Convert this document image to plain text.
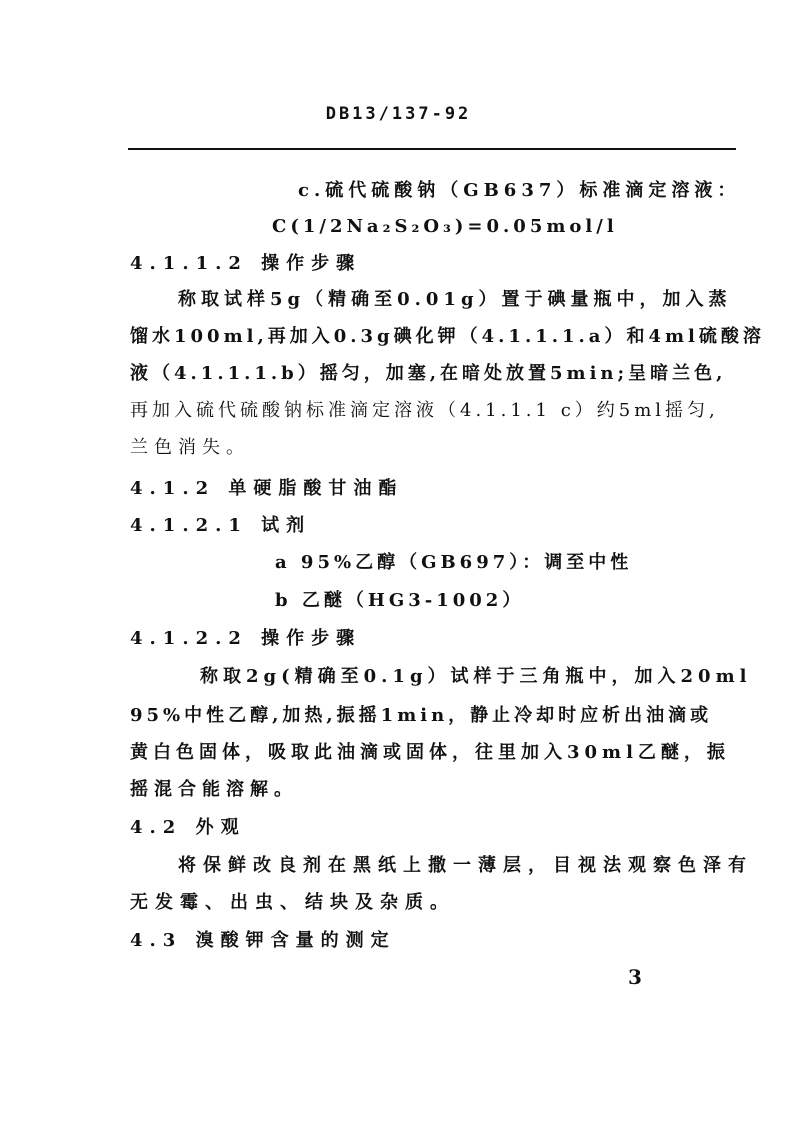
DB13/137-92
c.硫代硫酸钠（GB637）标准滴定溶液：
C(1/2Na₂S₂O₃)=0.05mol/l
4.1.1.2 操作步骤
称取试样5g（精确至0.01g）置于碘量瓶中，加入蒸
馏水100ml,再加入0.3g碘化钾（4.1.1.1.a）和4ml硫酸溶
液（4.1.1.1.b）摇匀，加塞,在暗处放置5min;呈暗兰色,
再加入硫代硫酸钠标准滴定溶液（4.1.1.1 c）约5ml摇匀,
兰色消失。
4.1.2 单硬脂酸甘油酯
4.1.2.1 试剂
a 95%乙醇（GB697）：调至中性
b 乙醚（HG3-1002）
4.1.2.2 操作步骤
称取2g(精确至0.1g）试样于三角瓶中，加入20ml
95%中性乙醇,加热,振摇1min，静止冷却时应析出油滴或
黄白色固体，吸取此油滴或固体，往里加入30ml乙醚，振
摇混合能溶解。
4.2 外观
将保鲜改良剂在黑纸上撒一薄层，目视法观察色泽有
无发霉、出虫、结块及杂质。
4.3 溴酸钾含量的测定
3
